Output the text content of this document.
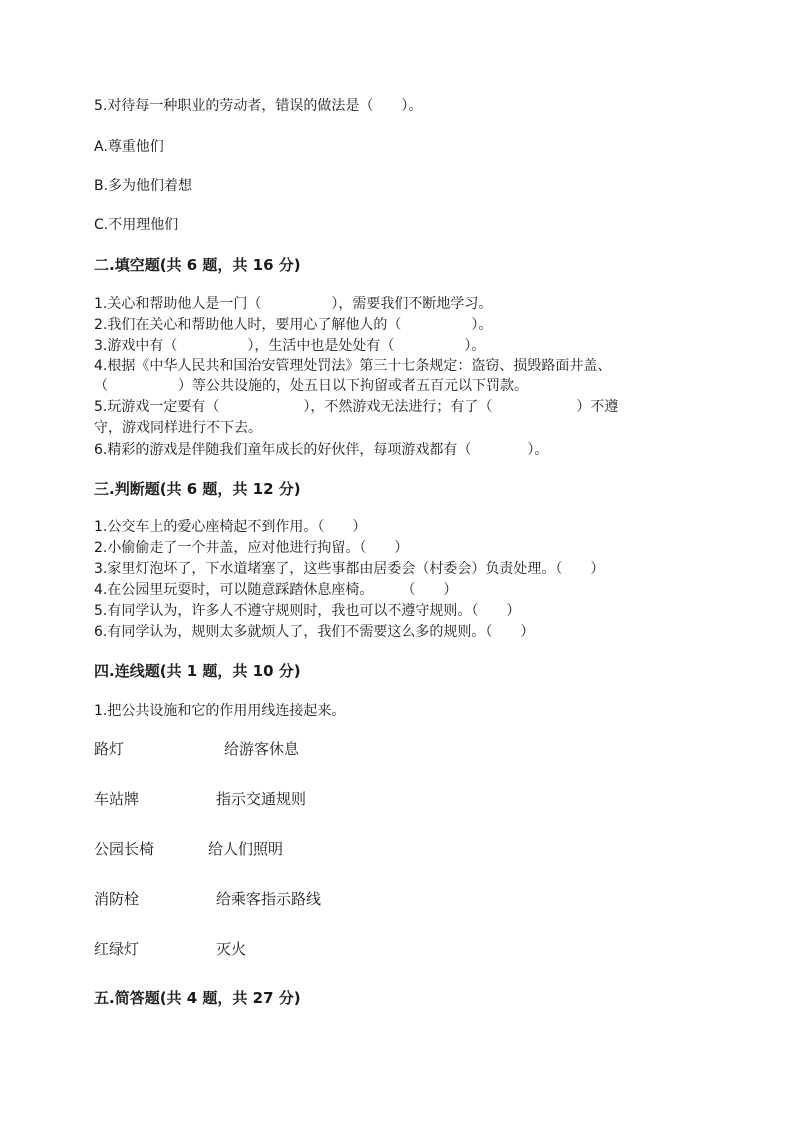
5.对待每一种职业的劳动者，错误的做法是（　　）。
A.尊重他们
B.多为他们着想
C.不用理他们
二.填空题(共 6 题，共 16 分)
1.关心和帮助他人是一门（　　　　　），需要我们不断地学习。
2.我们在关心和帮助他人时，要用心了解他人的（　　　　　）。
3.游戏中有（　　　　　），生活中也是处处有（　　　　　）。
4.根据《中华人民共和国治安管理处罚法》第三十七条规定：盗窃、损毁路面井盖、
（　　　　　）等公共设施的，处五日以下拘留或者五百元以下罚款。
5.玩游戏一定要有（　　　　　　），不然游戏无法进行；有了（　　　　　　）不遵
守，游戏同样进行不下去。
6.精彩的游戏是伴随我们童年成长的好伙伴，每项游戏都有（　　　　）。
三.判断题(共 6 题，共 12 分)
1.公交车上的爱心座椅起不到作用。（　　）
2.小偷偷走了一个井盖，应对他进行拘留。（　　）
3.家里灯泡坏了，下水道堵塞了，这些事都由居委会（村委会）负责处理。（　　）
4.在公园里玩耍时，可以随意踩踏休息座椅。　　　（　　）
5.有同学认为，许多人不遵守规则时，我也可以不遵守规则。（　　）
6.有同学认为，规则太多就烦人了，我们不需要这么多的规则。（　　）
四.连线题(共 1 题，共 10 分)
1.把公共设施和它的作用用线连接起来。
路灯	给游客休息
车站牌	指示交通规则
公园长椅	给人们照明
消防栓	给乘客指示路线
红绿灯	灭火
五.简答题(共 4 题，共 27 分)
